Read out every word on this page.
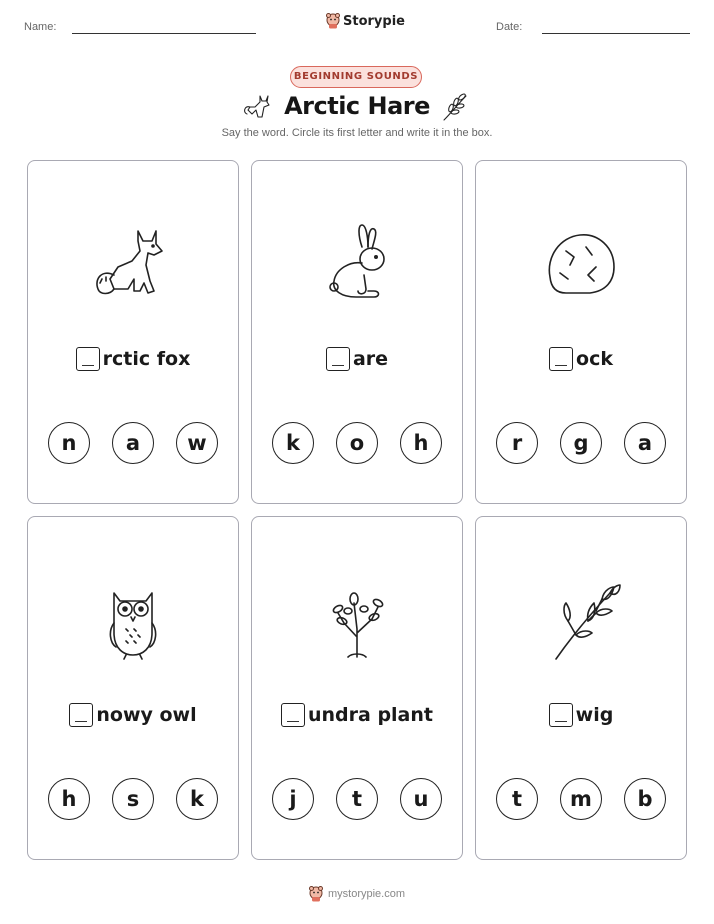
Name:	Storypie	Date:
BEGINNING SOUNDS
Arctic Hare
Say the word. Circle its first letter and write it in the box.
rctic fox
n	a	w
are
k	o	h
ock
r	g	a
nowy owl
h	s	k
undra plant
j	t	u
wig
t	m	b
mystorypie.com
